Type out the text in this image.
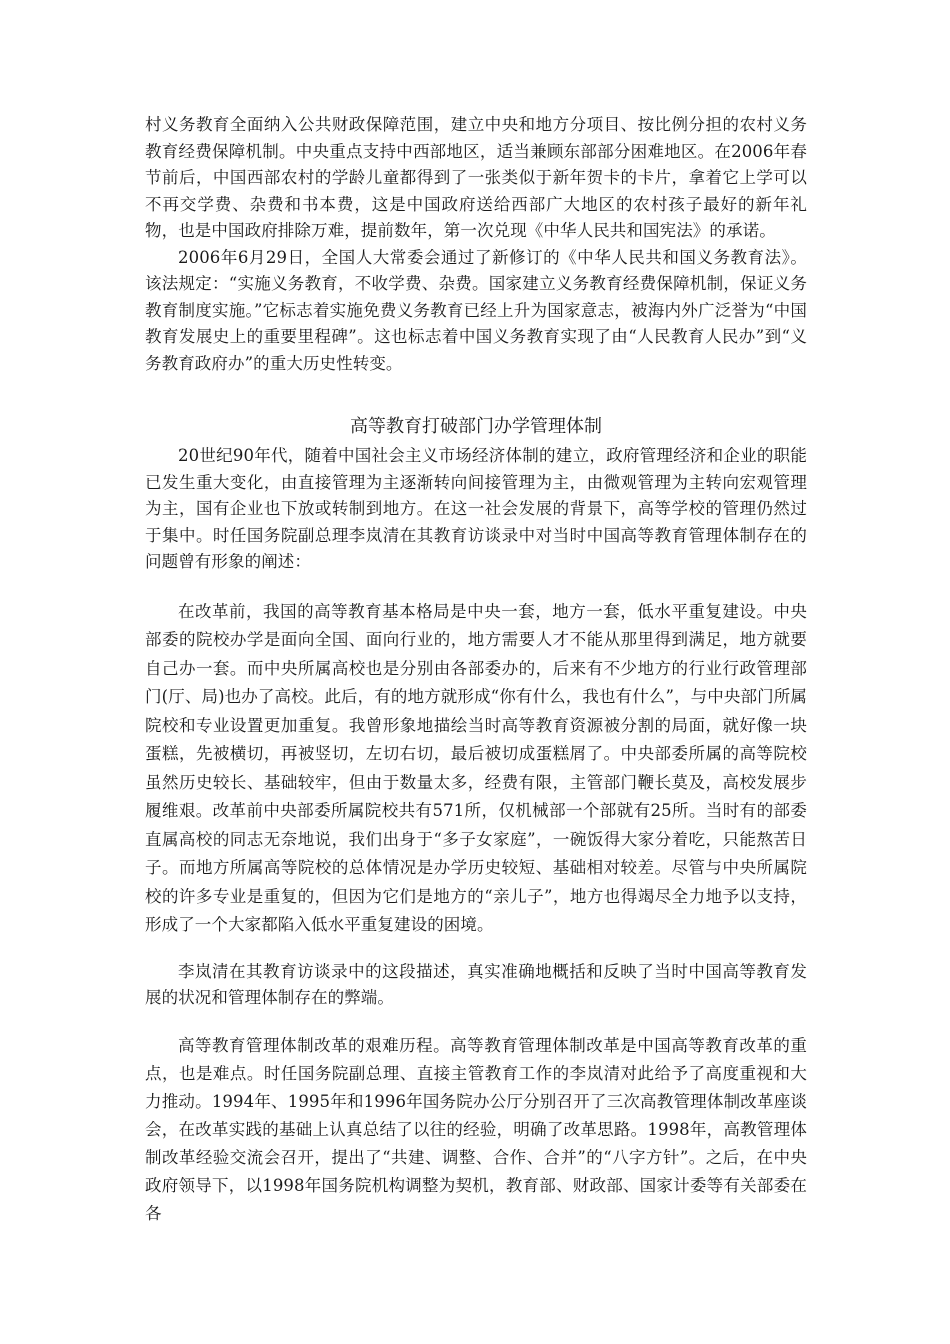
村义务教育全面纳入公共财政保障范围，建立中央和地方分项目、按比例分担的农村义务教育经费保障机制。中央重点支持中西部地区，适当兼顾东部部分困难地区。在2006年春节前后，中国西部农村的学龄儿童都得到了一张类似于新年贺卡的卡片，拿着它上学可以不再交学费、杂费和书本费，这是中国政府送给西部广大地区的农村孩子最好的新年礼物，也是中国政府排除万难，提前数年，第一次兑现《中华人民共和国宪法》的承诺。

2006年6月29日，全国人大常委会通过了新修订的《中华人民共和国义务教育法》。该法规定：“实施义务教育，不收学费、杂费。国家建立义务教育经费保障机制，保证义务教育制度实施。”它标志着实施免费义务教育已经上升为国家意志，被海内外广泛誉为“中国教育发展史上的重要里程碑”。这也标志着中国义务教育实现了由“人民教育人民办”到“义务教育政府办”的重大历史性转变。

高等教育打破部门办学管理体制

20世纪90年代，随着中国社会主义市场经济体制的建立，政府管理经济和企业的职能已发生重大变化，由直接管理为主逐渐转向间接管理为主，由微观管理为主转向宏观管理为主，国有企业也下放或转制到地方。在这一社会发展的背景下，高等学校的管理仍然过于集中。时任国务院副总理李岚清在其教育访谈录中对当时中国高等教育管理体制存在的问题曾有形象的阐述：

在改革前，我国的高等教育基本格局是中央一套，地方一套，低水平重复建设。中央部委的院校办学是面向全国、面向行业的，地方需要人才不能从那里得到满足，地方就要自己办一套。而中央所属高校也是分别由各部委办的，后来有不少地方的行业行政管理部门(厅、局)也办了高校。此后，有的地方就形成“你有什么，我也有什么”，与中央部门所属院校和专业设置更加重复。我曾形象地描绘当时高等教育资源被分割的局面，就好像一块蛋糕，先被横切，再被竖切，左切右切，最后被切成蛋糕屑了。中央部委所属的高等院校虽然历史较长、基础较牢，但由于数量太多，经费有限，主管部门鞭长莫及，高校发展步履维艰。改革前中央部委所属院校共有571所，仅机械部一个部就有25所。当时有的部委直属高校的同志无奈地说，我们出身于“多子女家庭”，一碗饭得大家分着吃，只能熬苦日子。而地方所属高等院校的总体情况是办学历史较短、基础相对较差。尽管与中央所属院校的许多专业是重复的，但因为它们是地方的“亲儿子”，地方也得竭尽全力地予以支持，形成了一个大家都陷入低水平重复建设的困境。

李岚清在其教育访谈录中的这段描述，真实准确地概括和反映了当时中国高等教育发展的状况和管理体制存在的弊端。

高等教育管理体制改革的艰难历程。高等教育管理体制改革是中国高等教育改革的重点，也是难点。时任国务院副总理、直接主管教育工作的李岚清对此给予了高度重视和大力推动。1994年、1995年和1996年国务院办公厅分别召开了三次高教管理体制改革座谈会，在改革实践的基础上认真总结了以往的经验，明确了改革思路。1998年，高教管理体制改革经验交流会召开，提出了“共建、调整、合作、合并”的“八字方针”。之后，在中央政府领导下，以1998年国务院机构调整为契机，教育部、财政部、国家计委等有关部委在各
